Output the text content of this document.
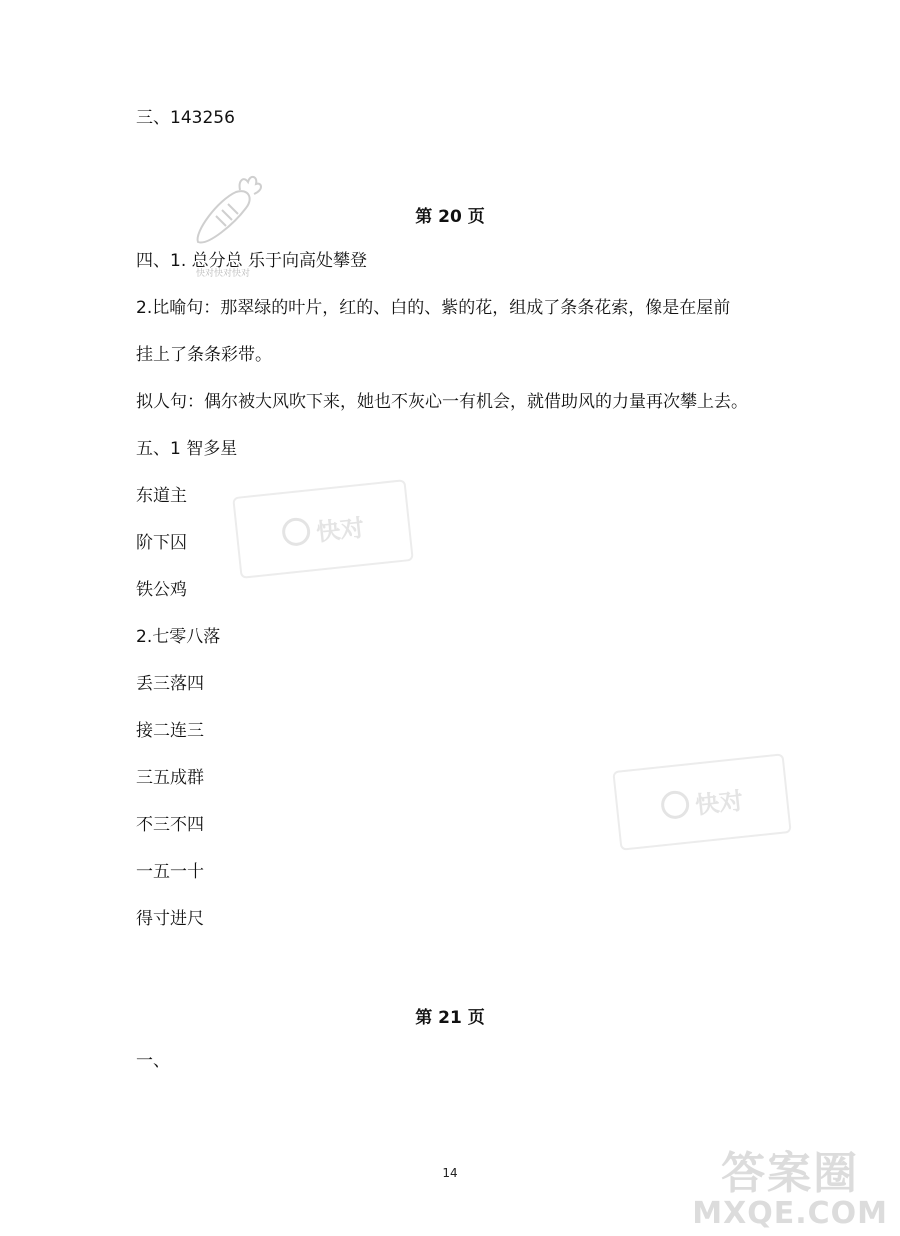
快对快对快对
三、143256
第 20 页
四、1. 总分总 乐于向高处攀登
2.比喻句：那翠绿的叶片，红的、白的、紫的花，组成了条条花索，像是在屋前
挂上了条条彩带。
拟人句：偶尔被大风吹下来，她也不灰心一有机会，就借助风的力量再次攀上去。
五、1 智多星
东道主
阶下囚
铁公鸡
2.七零八落
丢三落四
接二连三
三五成群
不三不四
一五一十
得寸进尺
第 21 页
一、
快对
快对
14	答案圈
MXQE.COM
